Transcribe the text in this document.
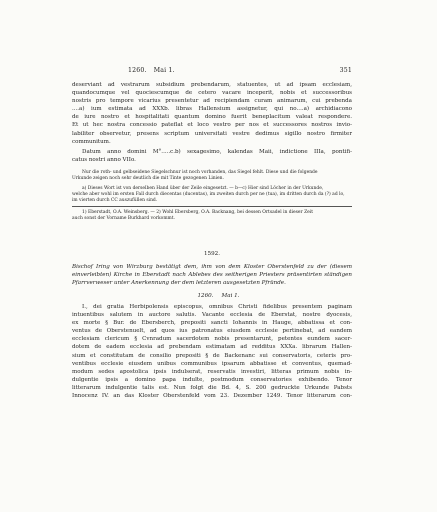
1260. Mai 1.	351

deserviant ad vestrarum subsidium prebendarum, statuentes, ut ad ipsam ecclesiam,

quandocumque vel quociescumque de cetero vacare inceperit, nobis et successoribus

nostris pro tempore vicarius presentetur ad recipiendam curam animarum, cui prebenda

....a) ium estimata ad XXXb. libras Hallensium assignetur, qui no....a) archidiacono

de iure nostro et hospitalitati quantum domino fuerit beneplacitum valeat respondere.

Et ut hec nostra concessio pateflat et loco vestro per nos et successores nostros invio-

labiliter observetur, presens scriptum universitati vestre dedimus sigillo nostro firmiter

communitum.

Datum anno domini M°.....c.b) sexagesimo, kalendas Maii, indictione IIIa, pontifi-

catus nostri anno VIIo.

Nur die roth- und gelbseidene Siegelschnur ist noch vorhanden, das Siegel fehlt. Diese und die folgende

Urkunde zeigen noch sehr deutlich die mit Tinte gezogenen Linien.

a) Dieses Wort ist von derselben Hand über der Zeile eingesetzt. — b—c) Hier sind Löcher in der Urkunde,

welche aber wohl im ersten Fall durch diecentas (ducentas), im zweiten durch per ne (tua), im dritten durch da (?) ad lo,

im vierten durch CC auszufüllen sind.

1) Eberstadt, O.A. Weinsberg. — 2) Wohl Ebersberg, O.A. Backnang, bei dessen Ortsadel in dieser Zeit

auch sonst der Vorname Burkhard vorkommt.

1592.

Bischof Iring von Wirzburg bestätigt dem, ihm von dem Kloster Oberstenfeld zu der (diesem

einverleibten) Kirche in Eberstadt nach Ablebes des seitherigen Priesters präsentirten ständigen

Pfarrverweser unter Anerkennung der dem letzteren ausgesetzten Pfründe.

1260. Mai 1.

I., dei gratia Herbipolensis episcopus, omnibus Christi fidelibus presentem paginam

intuentibus salutem in auctore salutis. Vacante ecclesia de Eberstat, nostre dyocesis,

ex morte § Bur. de Ebersberch, prepositi sancti Iohannis in Hauge, abbatissa et con-

ventus de Oberstenuelt, ad quos ius patronatus eiusdem ecclesie pertinebat, ad eandem

ecclesiam clericum § Cvnradum sacerdotem nobis presentarunt, petentes eundem sacer-

dotem de eadem ecclesia ad prebendam estimatam ad redditus XXXa. librarum Hallen-

sium et constitutam de consilio prepositi § de Backenanc sui conservatoris, ceteris pro-

ventibus ecclesie eiusdem unibus communibus ipsarum abbatisse et conventus, quemad-

modum sedes apostolica ipsis indulserat, reservatis investiri, litteras primum nobis in-

dulgentie ipsis a domino papa indulte, postmodum conservatories exhibendo. Tenor

litterarum indulgentie talis est. Nun folgt die Bd. 4, S. 200 gedruckte Urkunde Pabsts

Innocenz IV. an das Kloster Oberstenfeld vom 23. Dezember 1249. Tenor litterarum con-
